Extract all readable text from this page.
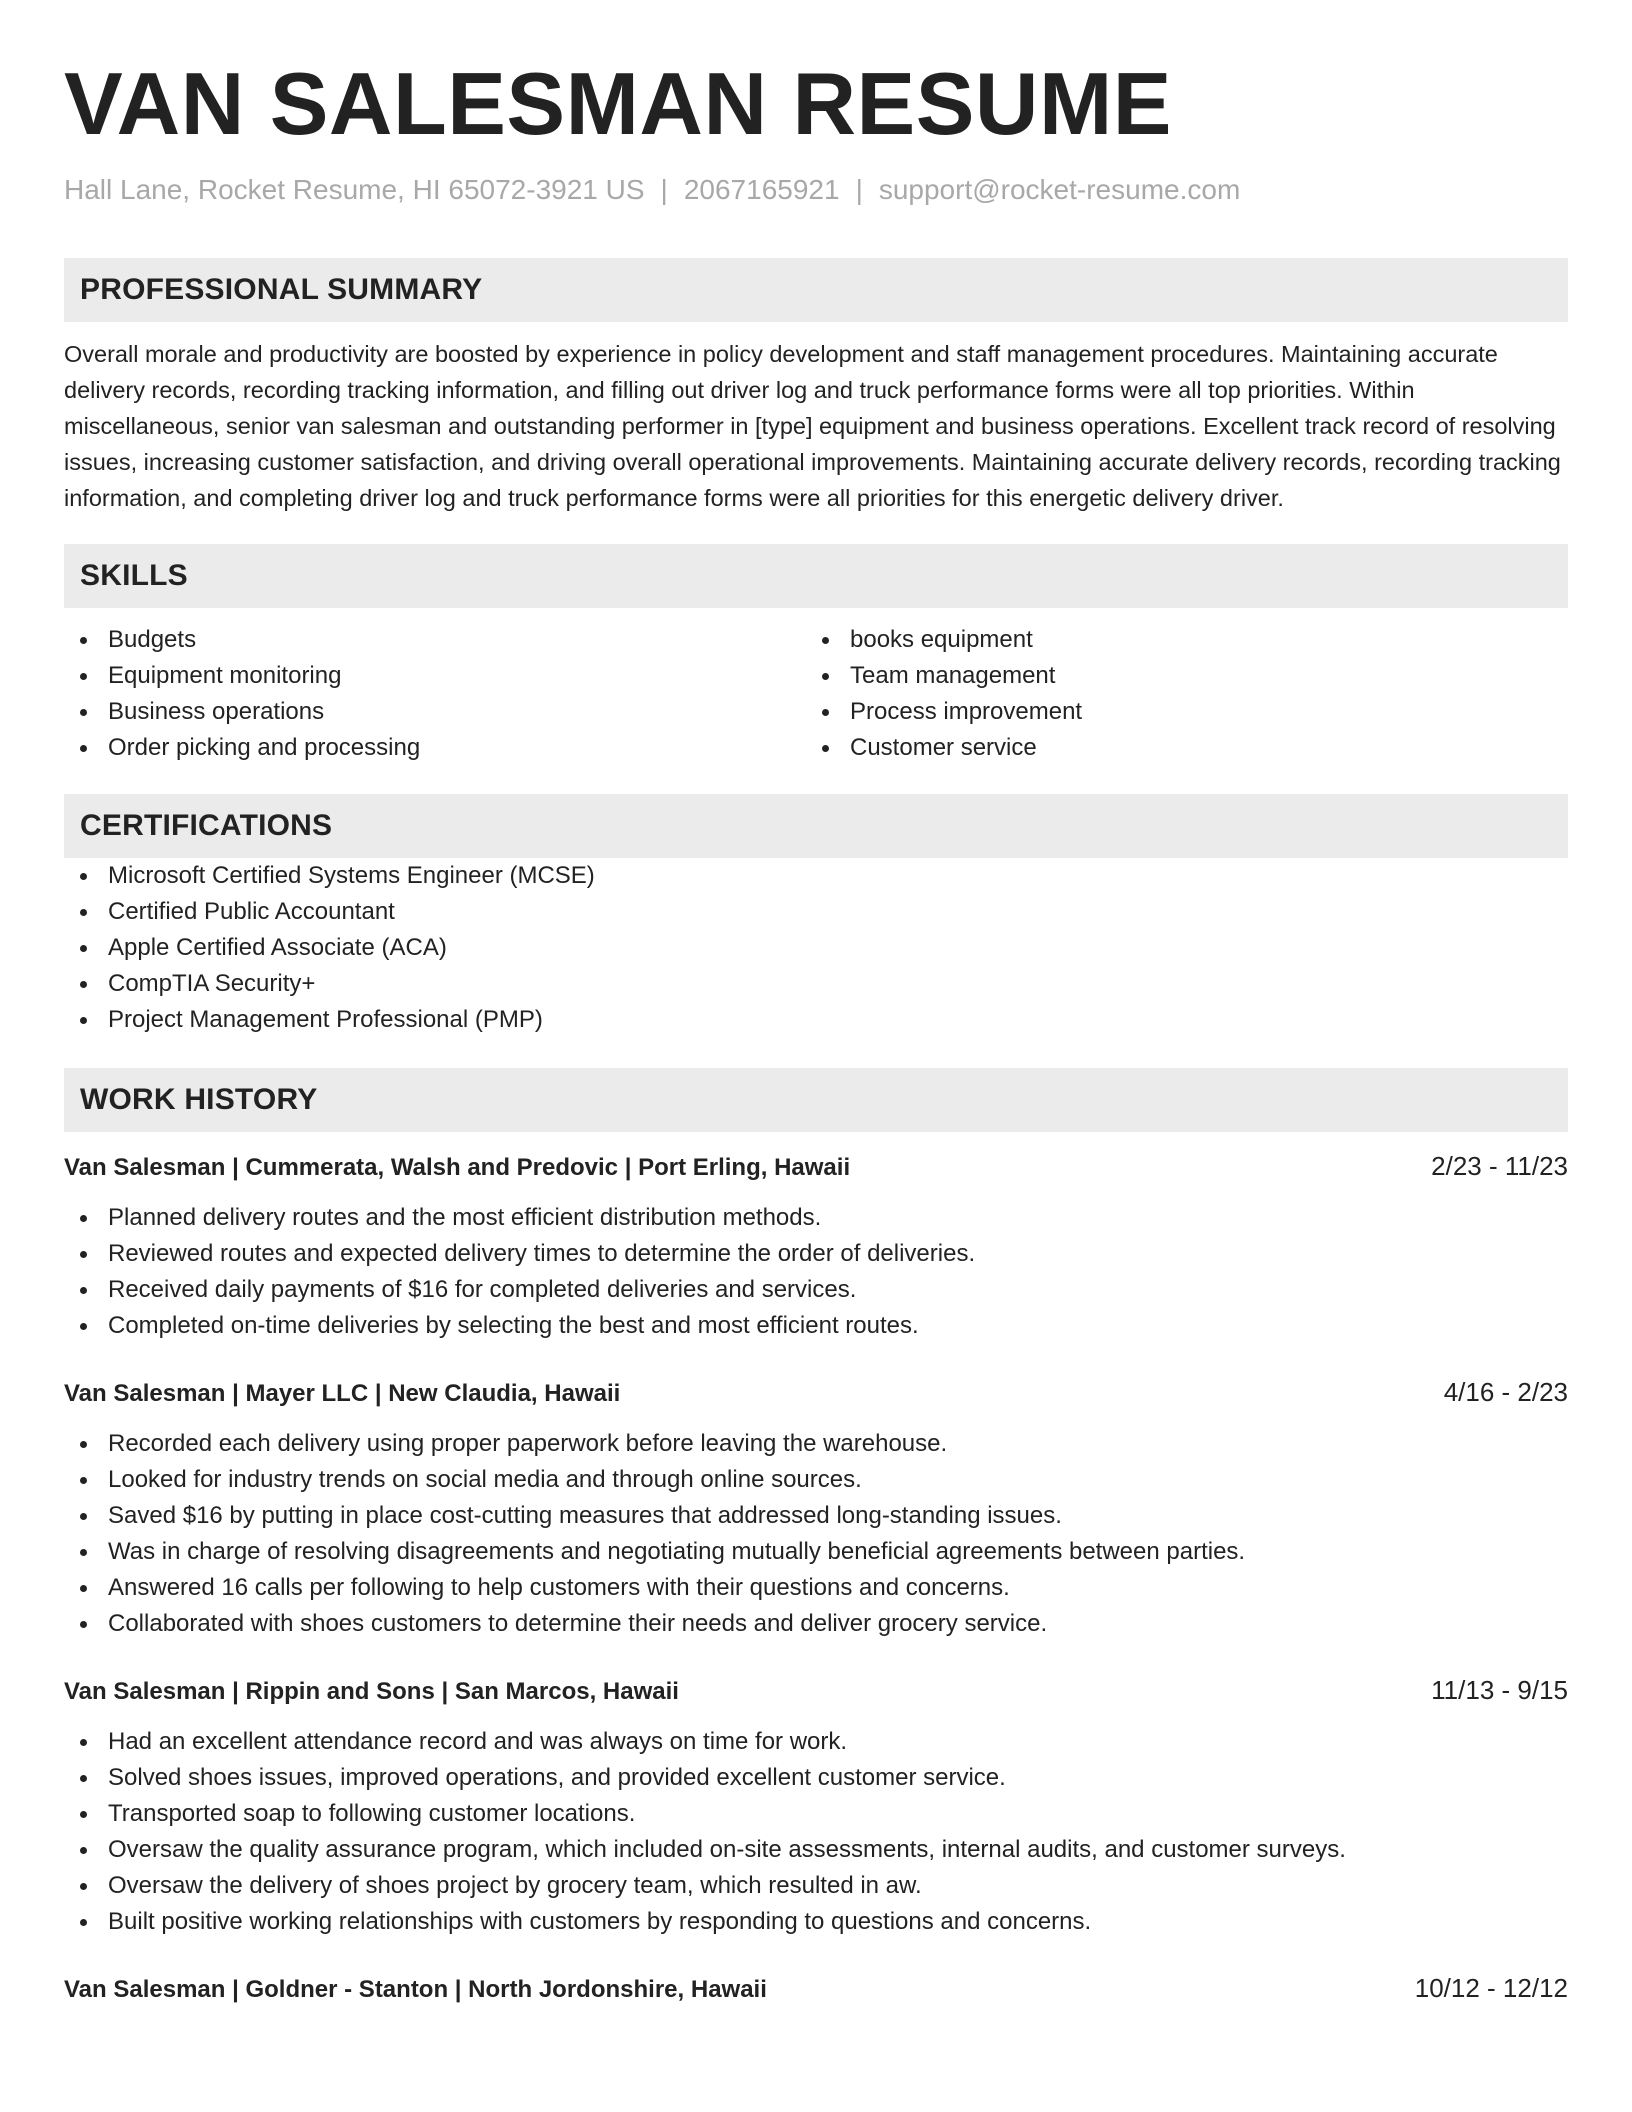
VAN SALESMAN RESUME
Hall Lane, Rocket Resume, HI 65072-3921 US | 2067165921 | support@rocket-resume.com
PROFESSIONAL SUMMARY
Overall morale and productivity are boosted by experience in policy development and staff management procedures. Maintaining accurate delivery records, recording tracking information, and filling out driver log and truck performance forms were all top priorities. Within miscellaneous, senior van salesman and outstanding performer in [type] equipment and business operations. Excellent track record of resolving issues, increasing customer satisfaction, and driving overall operational improvements. Maintaining accurate delivery records, recording tracking information, and completing driver log and truck performance forms were all priorities for this energetic delivery driver.
SKILLS
Budgets
Equipment monitoring
Business operations
Order picking and processing
books equipment
Team management
Process improvement
Customer service
CERTIFICATIONS
Microsoft Certified Systems Engineer (MCSE)
Certified Public Accountant
Apple Certified Associate (ACA)
CompTIA Security+
Project Management Professional (PMP)
WORK HISTORY
Van Salesman | Cummerata, Walsh and Predovic | Port Erling, Hawaii	2/23 - 11/23
Planned delivery routes and the most efficient distribution methods.
Reviewed routes and expected delivery times to determine the order of deliveries.
Received daily payments of $16 for completed deliveries and services.
Completed on-time deliveries by selecting the best and most efficient routes.
Van Salesman | Mayer LLC | New Claudia, Hawaii	4/16 - 2/23
Recorded each delivery using proper paperwork before leaving the warehouse.
Looked for industry trends on social media and through online sources.
Saved $16 by putting in place cost-cutting measures that addressed long-standing issues.
Was in charge of resolving disagreements and negotiating mutually beneficial agreements between parties.
Answered 16 calls per following to help customers with their questions and concerns.
Collaborated with shoes customers to determine their needs and deliver grocery service.
Van Salesman | Rippin and Sons | San Marcos, Hawaii	11/13 - 9/15
Had an excellent attendance record and was always on time for work.
Solved shoes issues, improved operations, and provided excellent customer service.
Transported soap to following customer locations.
Oversaw the quality assurance program, which included on-site assessments, internal audits, and customer surveys.
Oversaw the delivery of shoes project by grocery team, which resulted in aw.
Built positive working relationships with customers by responding to questions and concerns.
Van Salesman | Goldner - Stanton | North Jordonshire, Hawaii	10/12 - 12/12
